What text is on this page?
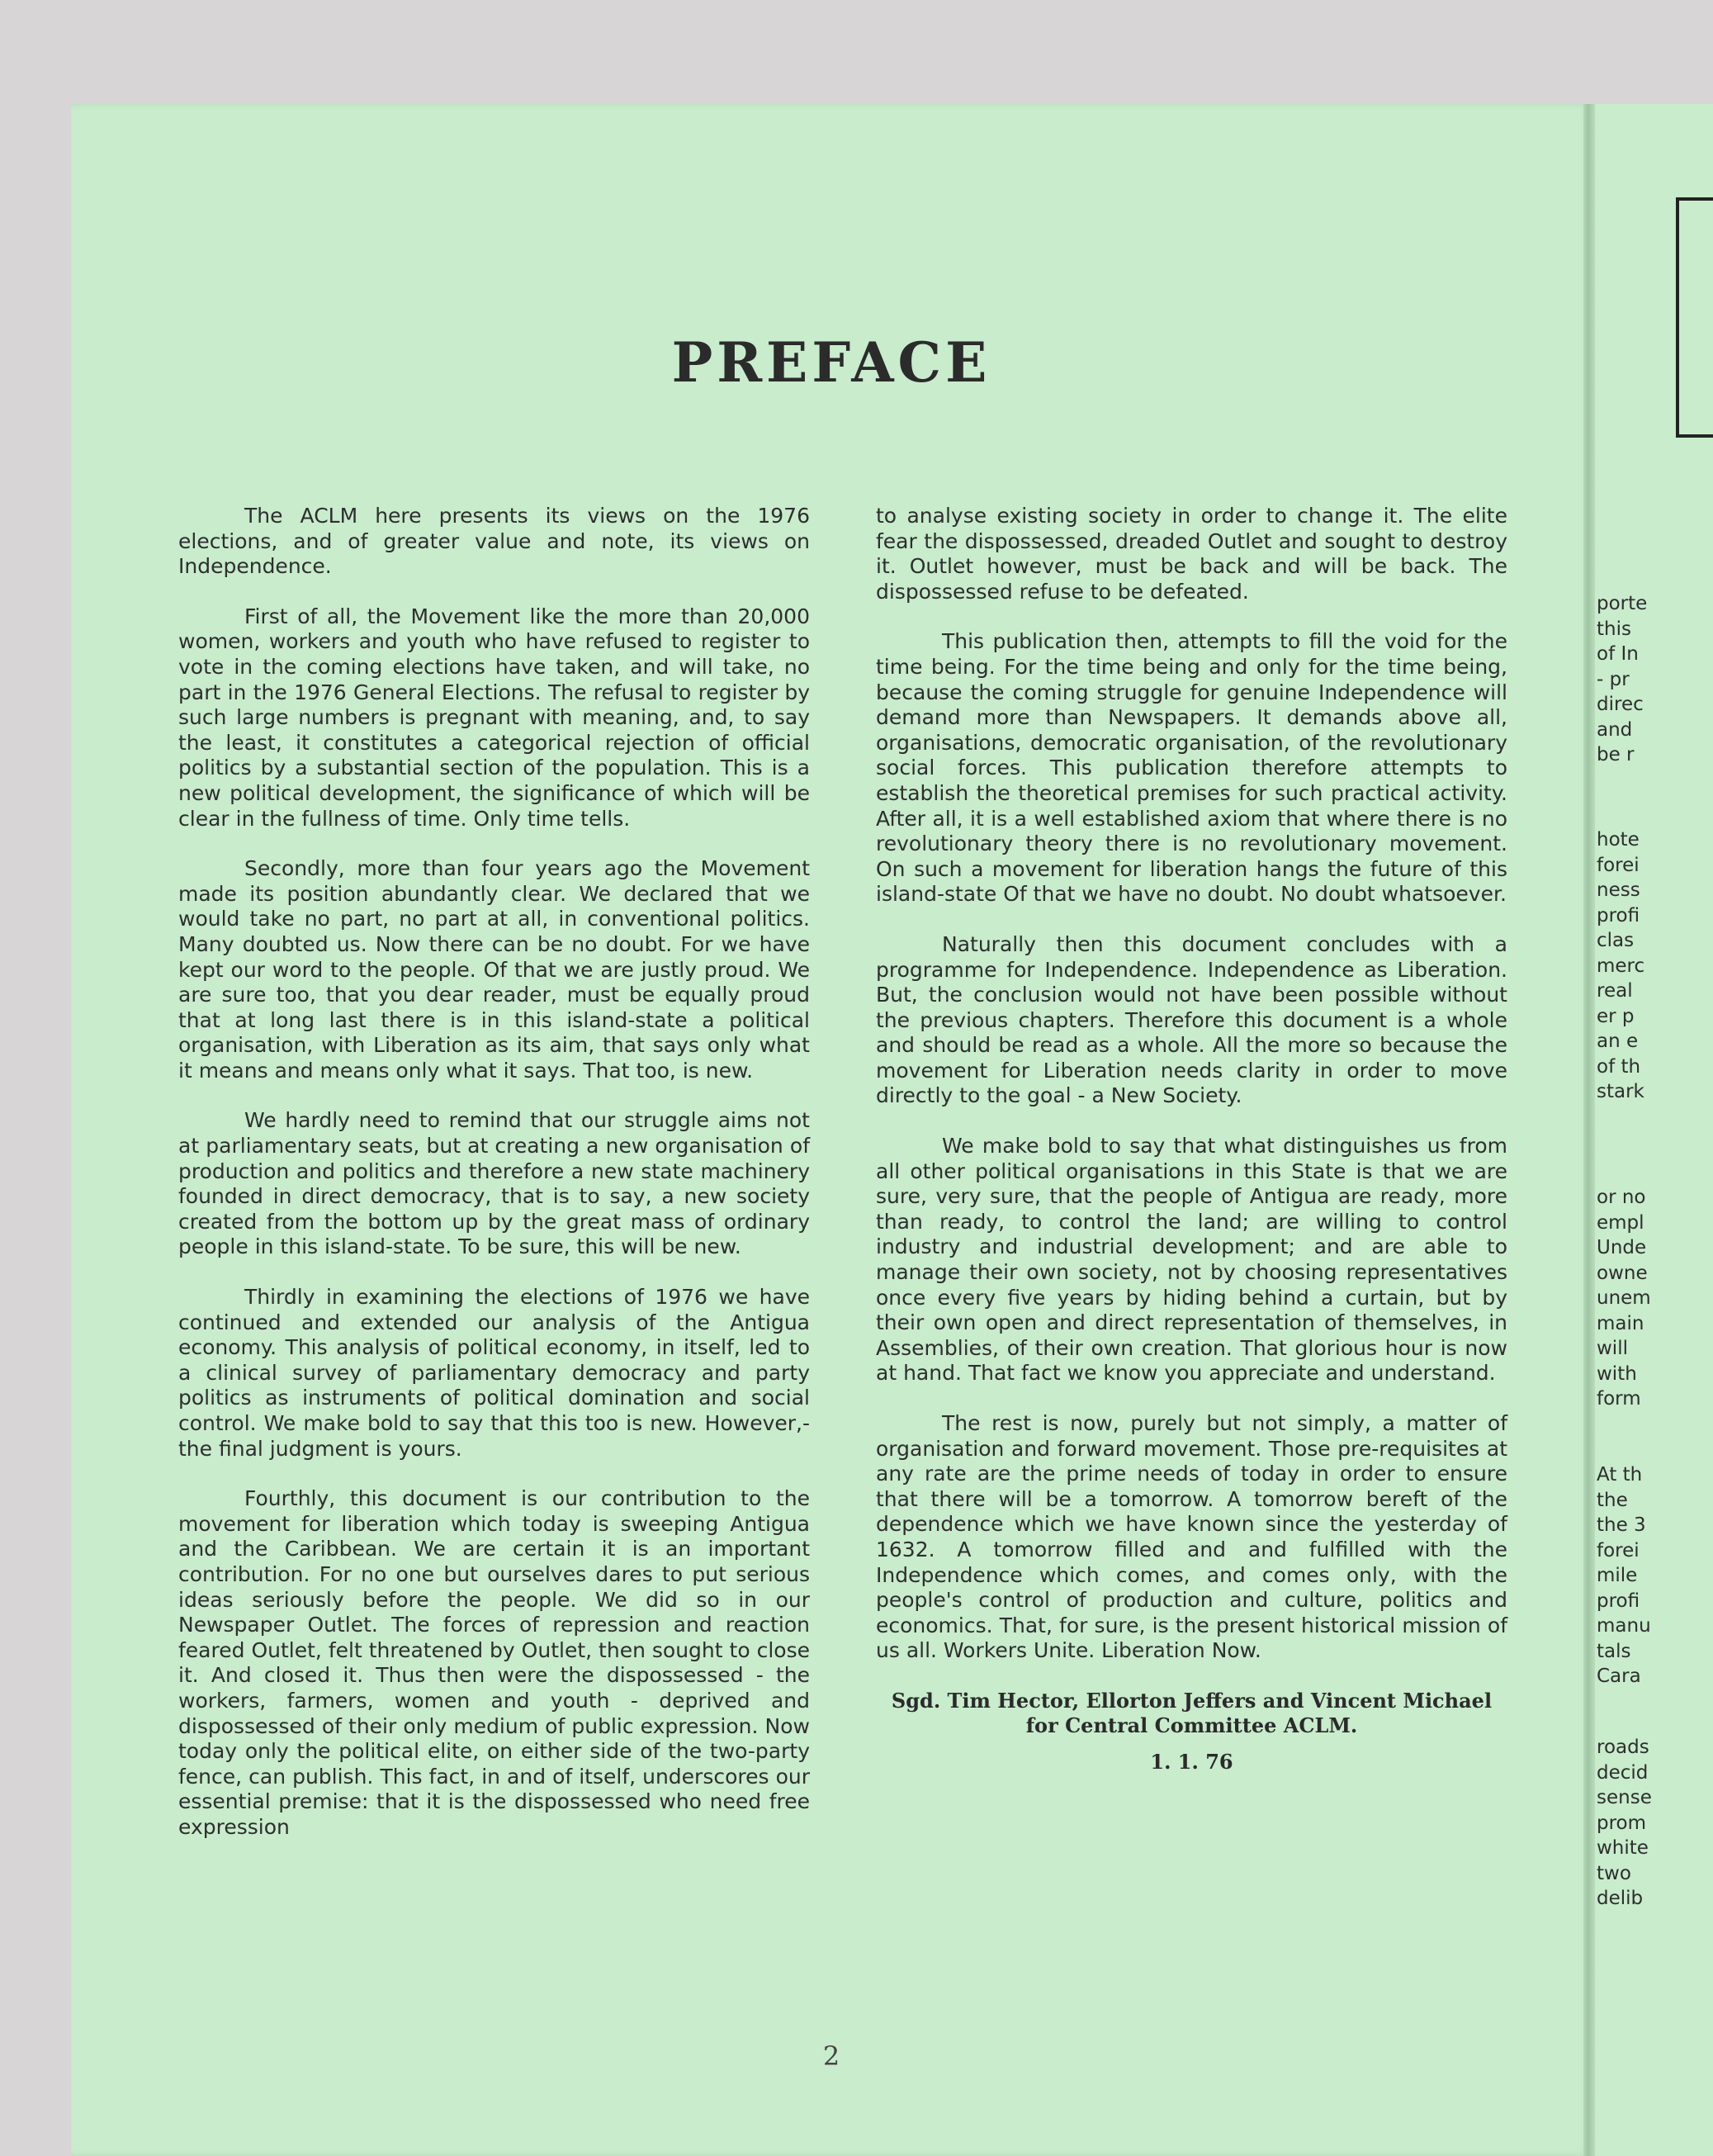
PREFACE

The ACLM here presents its views on the 1976 elections, and of greater value and note, its views on Independence.

First of all, the Movement like the more than 20,000 women, workers and youth who have refused to register to vote in the coming elections have taken, and will take, no part in the 1976 General Elections. The refusal to register by such large numbers is pregnant with meaning, and, to say the least, it constitutes a categorical rejection of official politics by a substantial section of the population. This is a new political development, the significance of which will be clear in the fullness of time. Only time tells.

Secondly, more than four years ago the Movement made its position abundantly clear. We declared that we would take no part, no part at all, in conventional politics. Many doubted us. Now there can be no doubt. For we have kept our word to the people. Of that we are justly proud. We are sure too, that you dear reader, must be equally proud that at long last there is in this island-state a political organisation, with Liberation as its aim, that says only what it means and means only what it says. That too, is new.

We hardly need to remind that our struggle aims not at parliamentary seats, but at creating a new organisation of production and politics and therefore a new state machinery founded in direct democracy, that is to say, a new society created from the bottom up by the great mass of ordinary people in this island-state. To be sure, this will be new.

Thirdly in examining the elections of 1976 we have continued and extended our analysis of the Antigua economy. This analysis of political economy, in itself, led to a clinical survey of parliamentary democracy and party politics as instruments of political domination and social control. We make bold to say that this too is new. However,- the final judgment is yours.

Fourthly, this document is our contribution to the movement for liberation which today is sweeping Antigua and the Caribbean. We are certain it is an important contribution. For no one but ourselves dares to put serious ideas seriously before the people. We did so in our Newspaper Outlet. The forces of repression and reaction feared Outlet, felt threatened by Outlet, then sought to close it. And closed it. Thus then were the dispossessed - the workers, farmers, women and youth - deprived and dispossessed of their only medium of public expression. Now today only the political elite, on either side of the two-party fence, can publish. This fact, in and of itself, underscores our essential premise: that it is the dispossessed who need free expression

to analyse existing society in order to change it. The elite fear the dispossessed, dreaded Outlet and sought to destroy it. Outlet however, must be back and will be back. The dispossessed refuse to be defeated.

This publication then, attempts to fill the void for the time being. For the time being and only for the time being, because the coming struggle for genuine Independence will demand more than Newspapers. It demands above all, organisations, democratic organisation, of the revolutionary social forces. This publication therefore attempts to establish the theoretical premises for such practical activity. After all, it is a well established axiom that where there is no revolutionary theory there is no revolutionary movement. On such a movement for liberation hangs the future of this island-state Of that we have no doubt. No doubt whatsoever.

Naturally then this document concludes with a programme for Independence. Independence as Liberation. But, the conclusion would not have been possible without the previous chapters. Therefore this document is a whole and should be read as a whole. All the more so because the movement for Liberation needs clarity in order to move directly to the goal - a New Society.

We make bold to say that what distinguishes us from all other political organisations in this State is that we are sure, very sure, that the people of Antigua are ready, more than ready, to control the land; are willing to control industry and industrial development; and are able to manage their own society, not by choosing representatives once every five years by hiding behind a curtain, but by their own open and direct representation of themselves, in Assemblies, of their own creation. That glorious hour is now at hand. That fact we know you appreciate and understand.

The rest is now, purely but not simply, a matter of organisation and forward movement. Those pre-requisites at any rate are the prime needs of today in order to ensure that there will be a tomorrow. A tomorrow bereft of the dependence which we have known since the yesterday of 1632. A tomorrow filled and and fulfilled with the Independence which comes, and comes only, with the people's control of production and culture, politics and economics. That, for sure, is the present historical mission of us all. Workers Unite. Liberation Now.

Sgd. Tim Hector, Ellorton Jeffers and Vincent Michael for Central Committee ACLM.

1. 1. 76

2
porte
this
of In
- pr
direc
and
be r
hote
forei
ness
profi
clas
merc
real
er p
an e
of th
stark
or no
empl
Unde
owne
unem
main
will
with
form
At th
the
the 3
forei
mile
profi
manu
tals
Cara
roads
decid
sense
prom
white
two
delib
